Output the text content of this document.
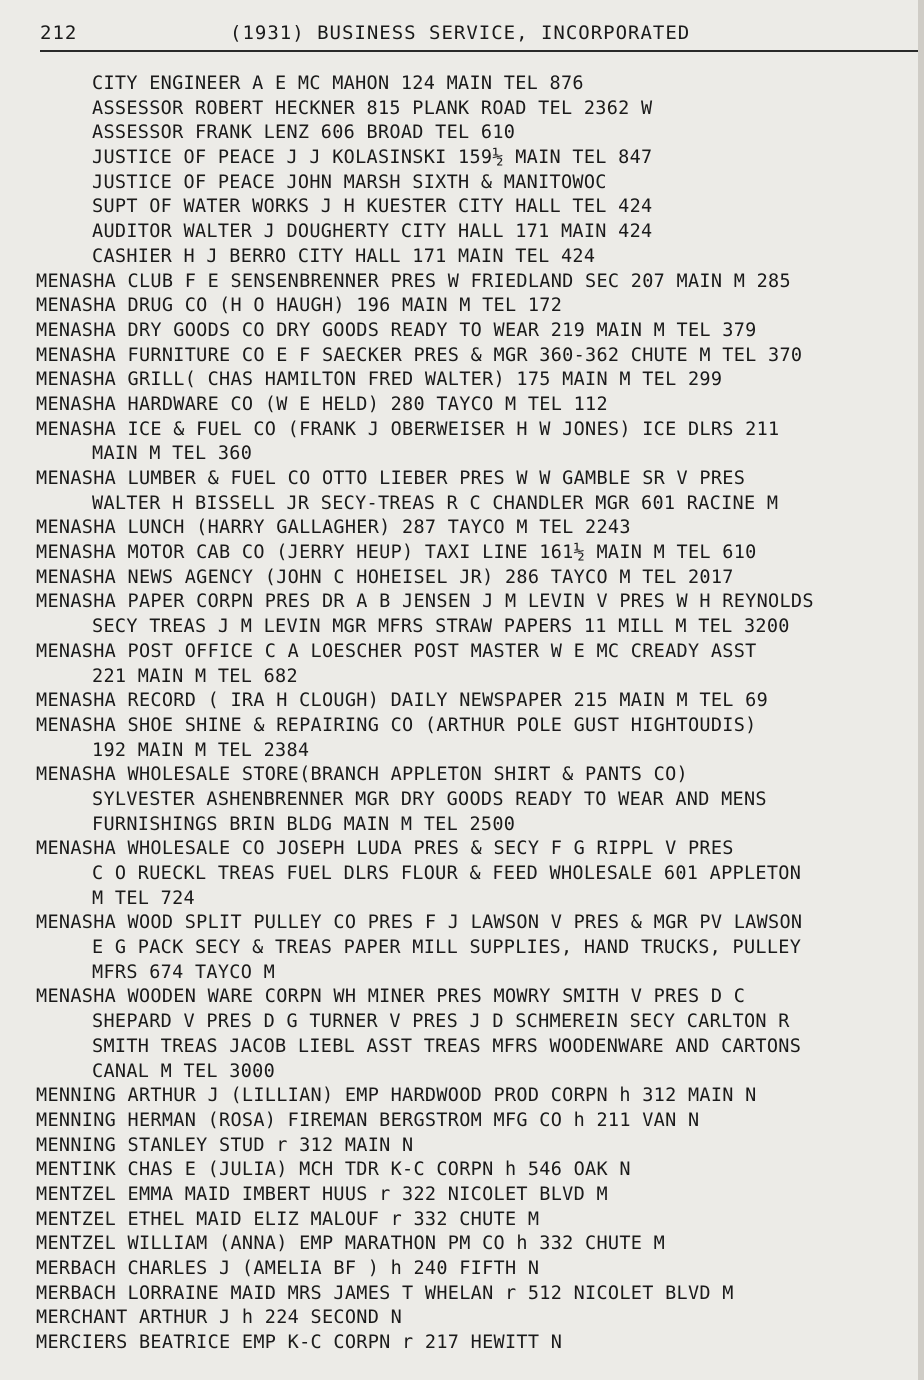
212	(1931) BUSINESS SERVICE, INCORPORATED
CITY ENGINEER A E MC MAHON 124 MAIN TEL 876
ASSESSOR ROBERT HECKNER 815 PLANK ROAD TEL 2362 W
ASSESSOR FRANK LENZ 606 BROAD TEL 610
JUSTICE OF PEACE J J KOLASINSKI 159½ MAIN TEL 847
JUSTICE OF PEACE JOHN MARSH SIXTH & MANITOWOC
SUPT OF WATER WORKS J H KUESTER CITY HALL TEL 424
AUDITOR WALTER J DOUGHERTY CITY HALL 171 MAIN 424
CASHIER H J BERRO CITY HALL 171 MAIN TEL 424
MENASHA CLUB F E SENSENBRENNER PRES W FRIEDLAND SEC 207 MAIN M 285
MENASHA DRUG CO (H O HAUGH) 196 MAIN M TEL 172
MENASHA DRY GOODS CO DRY GOODS READY TO WEAR 219 MAIN M TEL 379
MENASHA FURNITURE CO E F SAECKER PRES & MGR 360-362 CHUTE M TEL 370
MENASHA GRILL( CHAS HAMILTON FRED WALTER) 175 MAIN M TEL 299
MENASHA HARDWARE CO (W E HELD) 280 TAYCO M TEL 112
MENASHA ICE & FUEL CO (FRANK J OBERWEISER H W JONES) ICE DLRS 211
MAIN M TEL 360
MENASHA LUMBER & FUEL CO OTTO LIEBER PRES W W GAMBLE SR V PRES
WALTER H BISSELL JR SECY-TREAS R C CHANDLER MGR 601 RACINE M
MENASHA LUNCH (HARRY GALLAGHER) 287 TAYCO M TEL 2243
MENASHA MOTOR CAB CO (JERRY HEUP) TAXI LINE 161½ MAIN M TEL 610
MENASHA NEWS AGENCY (JOHN C HOHEISEL JR) 286 TAYCO M TEL 2017
MENASHA PAPER CORPN PRES DR A B JENSEN J M LEVIN V PRES W H REYNOLDS
SECY TREAS J M LEVIN MGR MFRS STRAW PAPERS 11 MILL M TEL 3200
MENASHA POST OFFICE C A LOESCHER POST MASTER W E MC CREADY ASST
221 MAIN M TEL 682
MENASHA RECORD ( IRA H CLOUGH) DAILY NEWSPAPER 215 MAIN M TEL 69
MENASHA SHOE SHINE & REPAIRING CO (ARTHUR POLE GUST HIGHTOUDIS)
192 MAIN M TEL 2384
MENASHA WHOLESALE STORE(BRANCH APPLETON SHIRT & PANTS CO)
SYLVESTER ASHENBRENNER MGR DRY GOODS READY TO WEAR AND MENS
FURNISHINGS BRIN BLDG MAIN M TEL 2500
MENASHA WHOLESALE CO JOSEPH LUDA PRES & SECY F G RIPPL V PRES
C O RUECKL TREAS FUEL DLRS FLOUR & FEED WHOLESALE 601 APPLETON
M TEL 724
MENASHA WOOD SPLIT PULLEY CO PRES F J LAWSON V PRES & MGR PV LAWSON
E G PACK SECY & TREAS PAPER MILL SUPPLIES, HAND TRUCKS, PULLEY
MFRS 674 TAYCO M
MENASHA WOODEN WARE CORPN WH MINER PRES MOWRY SMITH V PRES D C
SHEPARD V PRES D G TURNER V PRES J D SCHMEREIN SECY CARLTON R
SMITH TREAS JACOB LIEBL ASST TREAS MFRS WOODENWARE AND CARTONS
CANAL M TEL 3000
MENNING ARTHUR J (LILLIAN) EMP HARDWOOD PROD CORPN h 312 MAIN N
MENNING HERMAN (ROSA) FIREMAN BERGSTROM MFG CO h 211 VAN N
MENNING STANLEY STUD r 312 MAIN N
MENTINK CHAS E (JULIA) MCH TDR K-C CORPN h 546 OAK N
MENTZEL EMMA MAID IMBERT HUUS r 322 NICOLET BLVD M
MENTZEL ETHEL MAID ELIZ MALOUF r 332 CHUTE M
MENTZEL WILLIAM (ANNA) EMP MARATHON PM CO h 332 CHUTE M
MERBACH CHARLES J (AMELIA BF ) h 240 FIFTH N
MERBACH LORRAINE MAID MRS JAMES T WHELAN r 512 NICOLET BLVD M
MERCHANT ARTHUR J h 224 SECOND N
MERCIERS BEATRICE EMP K-C CORPN r 217 HEWITT N
